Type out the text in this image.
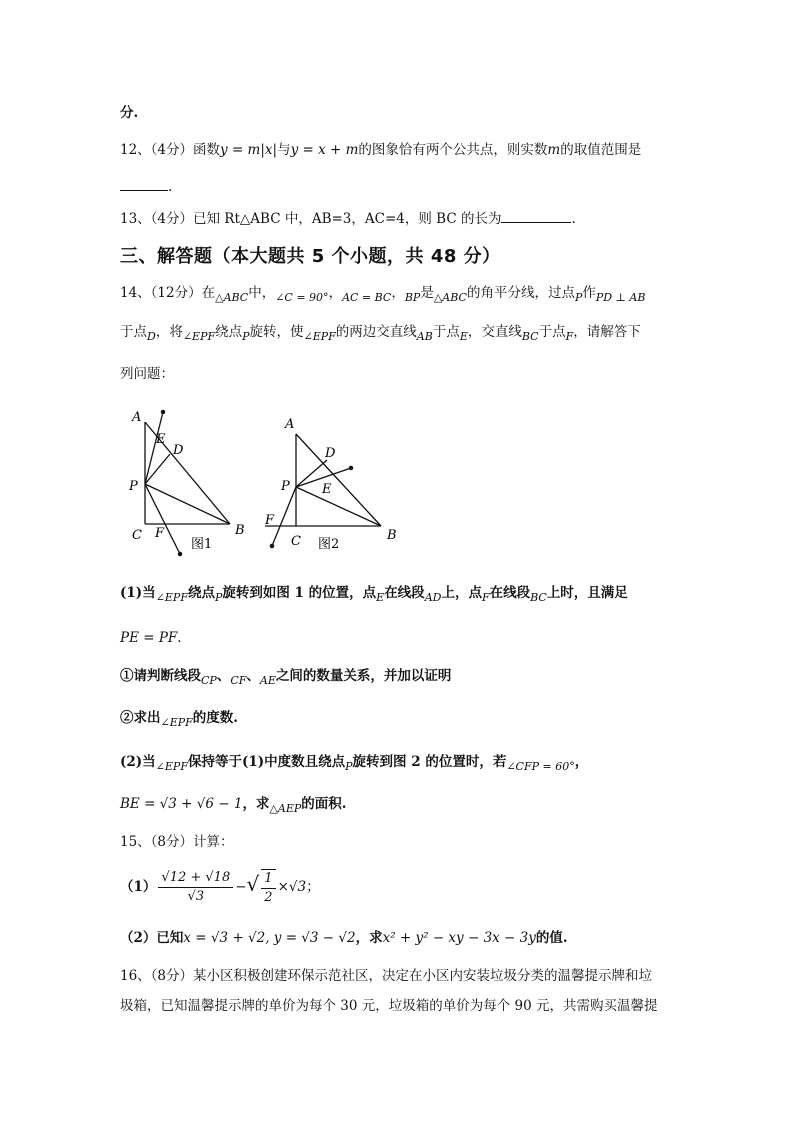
分.
12、（4分）函数y = m|x|与y = x + m的图象恰有两个公共点，则实数m的取值范围是
.
13、（4分）已知 Rt△ABC 中，AB=3，AC=4，则 BC 的长为	.
三、解答题（本大题共 5 个小题，共 48 分）
14、（12分）在$_{\triangle ABC}$中，$_{\angle C = 90^\circ}$，$_{AC = BC}$，$_{BP}$是$_{\triangle ABC}$的角平分线，过点$_P$作$_{PD \perp AB}$
于点$_D$，将$_{\angle EPF}$绕点$_P$旋转，使$_{\angle EPF}$的两边交直线$_{AB}$于点$_E$，交直线$_{BC}$于点$_F$，请解答下
列问题：
A
E
D
P
C F	B
图1
A
D
P E
F
C	B
图2
(1)当$_{\angle EPF}$绕点$_P$旋转到如图 1 的位置，点$_E$在线段$_{AD}$上，点$_F$在线段$_{BC}$上时，且满足
PE = PF.
①请判断线段$_{CP}$、$_{CF}$、$_{AE}$之间的数量关系，并加以证明
②求出$_{\angle EPF}$的度数.
(2)当$_{\angle EPF}$保持等于(1)中度数且绕点$_P$旋转到图 2 的位置时，若$_{\angle CFP = 60^\circ}$，
BE = √3 + √6 − 1，求$_{\triangle AEP}$的面积.
15、（8分）计算：
$(1) \frac{√12 + √18}{√3}$ −√ $\frac{1}{2} \times√3$；
（2）已知x = √3 + √2, y = √3 − √2，求x² + y² − xy − 3x − 3y的值.
16、（8分）某小区积极创建环保示范社区，决定在小区内安装垃圾分类的温馨提示牌和垃
圾箱，已知温馨提示牌的单价为每个 30 元，垃圾箱的单价为每个 90 元，共需购买温馨提
